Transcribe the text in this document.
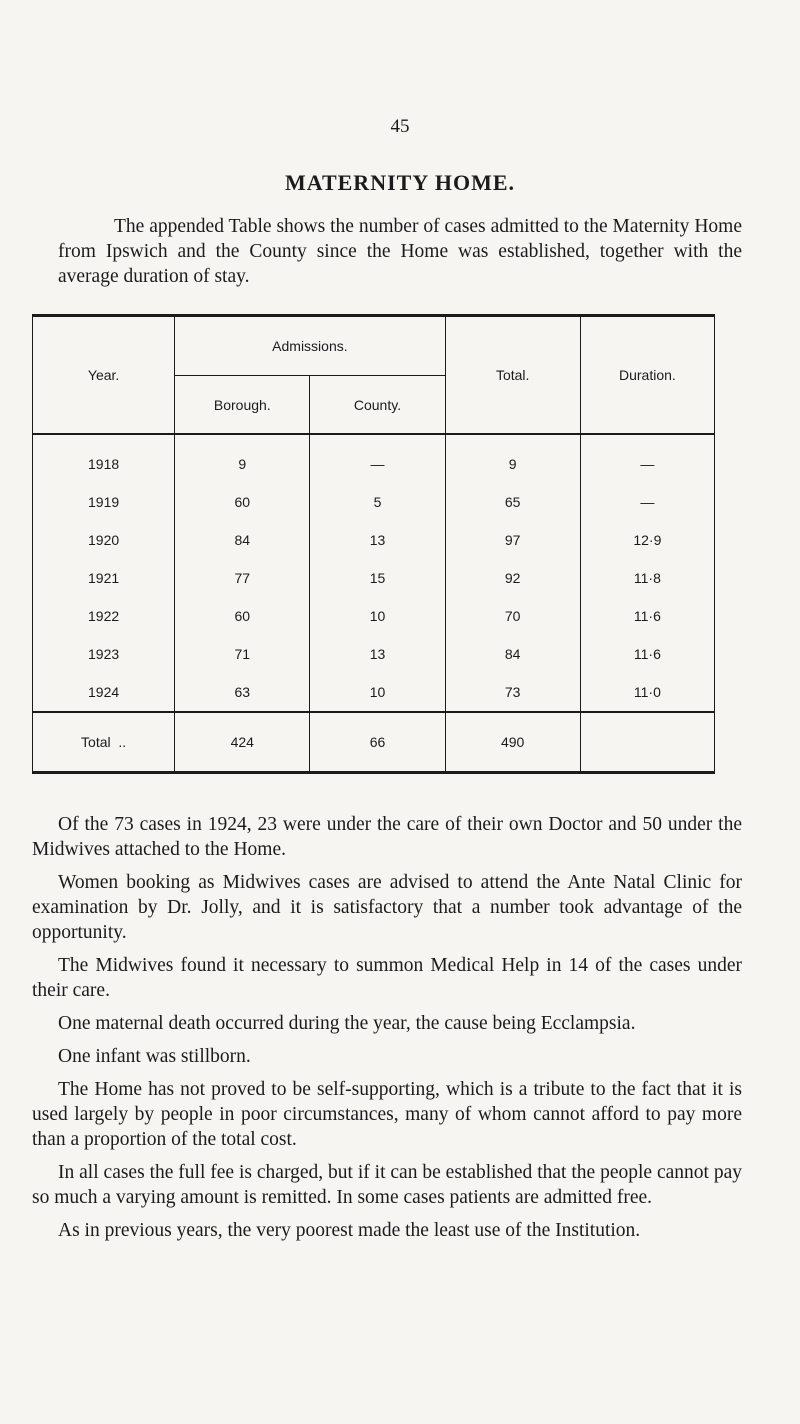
45
MATERNITY HOME.

The appended Table shows the number of cases admitted to the Maternity Home from Ipswich and the County since the Home was established, together with the average duration of stay.

Year.	Admissions.		Total.	Duration.
	Borough.	County.		
1918	9	—	9	—
1919	60	5	65	—
1920	84	13	97	12·9
1921	77	15	92	11·8
1922	60	10	70	11·6
1923	71	13	84	11·6
1924	63	10	73	11·0
Total  ..	424	66	490	

Of the 73 cases in 1924, 23 were under the care of their own Doctor and 50 under the Midwives attached to the Home.

Women booking as Midwives cases are advised to attend the Ante Natal Clinic for examination by Dr. Jolly, and it is satisfactory that a number took advantage of the opportunity.

The Midwives found it necessary to summon Medical Help in 14 of the cases under their care.

One maternal death occurred during the year, the cause being Ecclampsia.

One infant was stillborn.

The Home has not proved to be self-supporting, which is a tribute to the fact that it is used largely by people in poor circumstances, many of whom cannot afford to pay more than a proportion of the total cost.

In all cases the full fee is charged, but if it can be established that the people cannot pay so much a varying amount is remitted. In some cases patients are admitted free.

As in previous years, the very poorest made the least use of the Institution.
